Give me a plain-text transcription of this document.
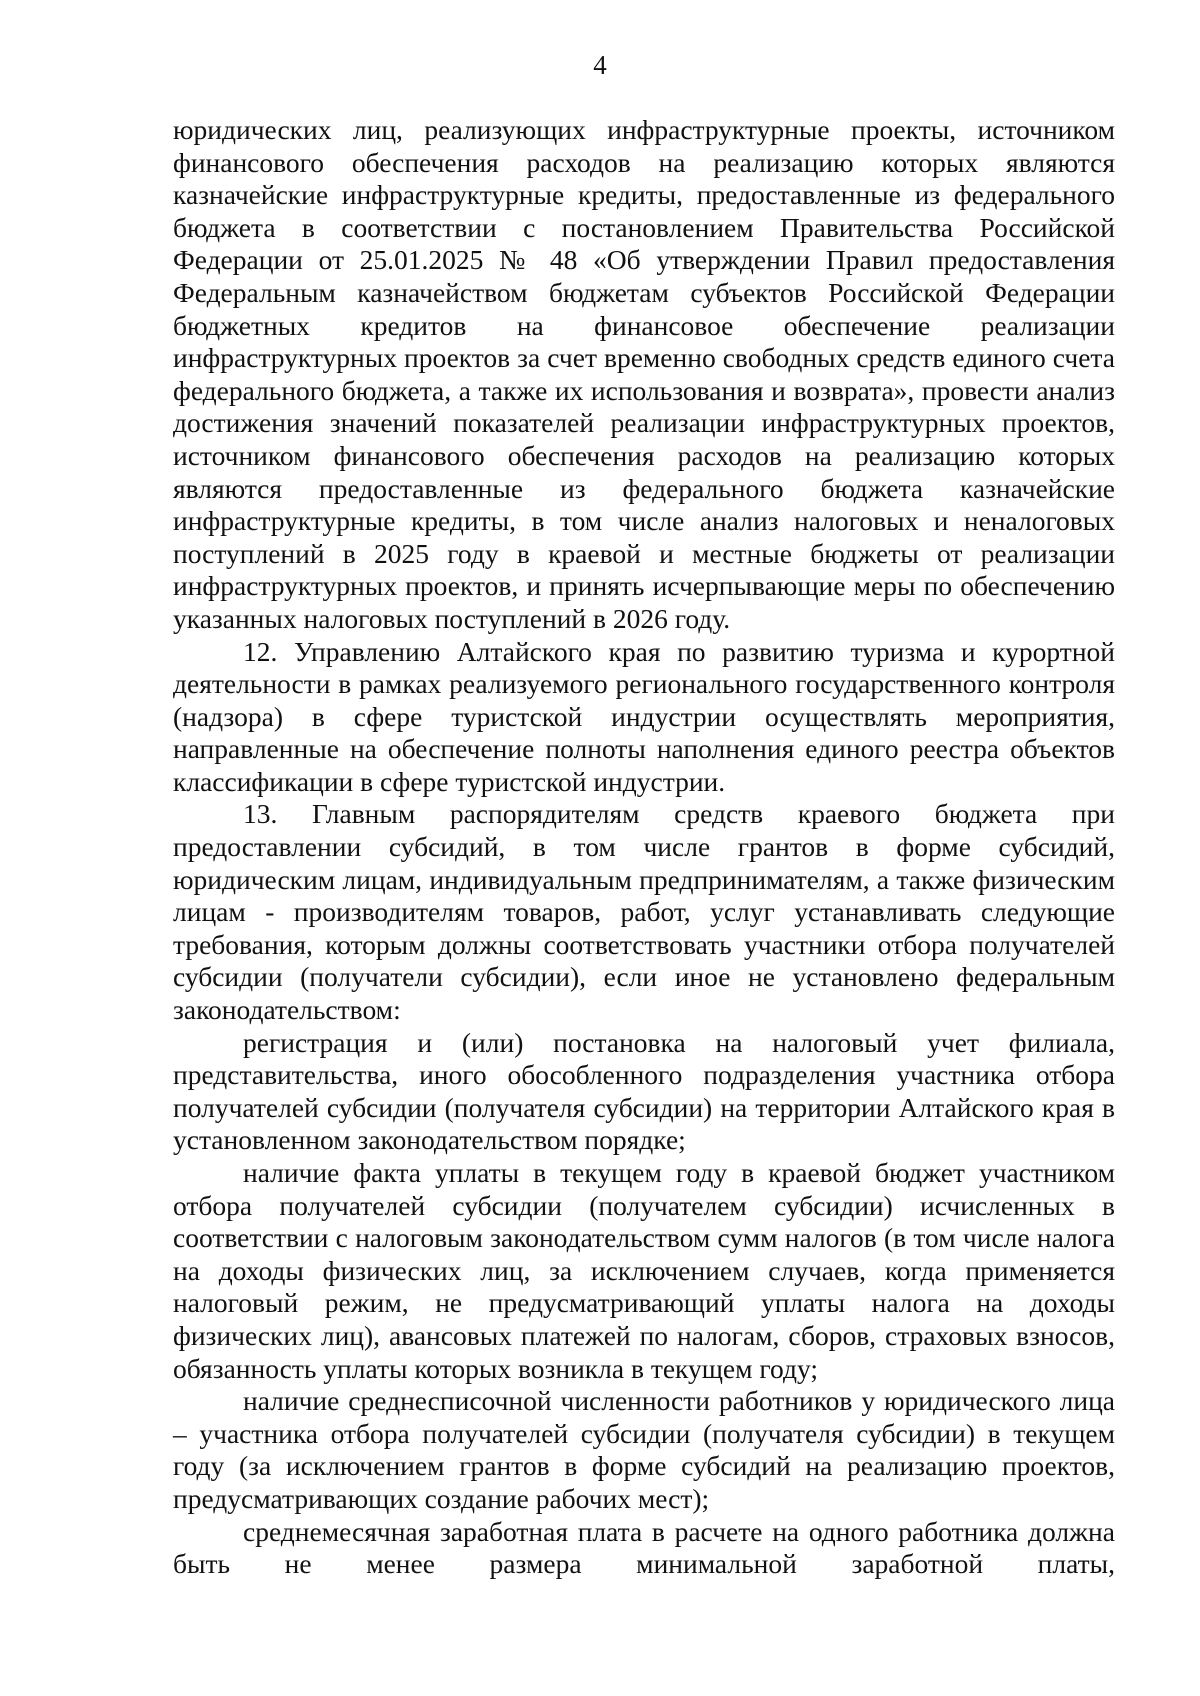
4

юридических лиц, реализующих инфраструктурные проекты, источником финансового обеспечения расходов на реализацию которых являются казначейские инфраструктурные кредиты, предоставленные из федерального бюджета в соответствии с постановлением Правительства Российской Федерации от 25.01.2025 № 48 «Об утверждении Правил предоставления Федеральным казначейством бюджетам субъектов Российской Федерации бюджетных кредитов на финансовое обеспечение реализации инфраструктурных проектов за счет временно свободных средств единого счета федерального бюджета, а также их использования и возврата», провести анализ достижения значений показателей реализации инфраструктурных проектов, источником финансового обеспечения расходов на реализацию которых являются предоставленные из федерального бюджета казначейские инфраструктурные кредиты, в том числе анализ налоговых и неналоговых поступлений в 2025 году в краевой и местные бюджеты от реализации инфраструктурных проектов, и принять исчерпывающие меры по обеспечению указанных налоговых поступлений в 2026 году.

12. Управлению Алтайского края по развитию туризма и курортной деятельности в рамках реализуемого регионального государственного контроля (надзора) в сфере туристской индустрии осуществлять мероприятия, направленные на обеспечение полноты наполнения единого реестра объектов классификации в сфере туристской индустрии.

13. Главным распорядителям средств краевого бюджета при предоставлении субсидий, в том числе грантов в форме субсидий, юридическим лицам, индивидуальным предпринимателям, а также физическим лицам - производителям товаров, работ, услуг устанавливать следующие требования, которым должны соответствовать участники отбора получателей субсидии (получатели субсидии), если иное не установлено федеральным законодательством:

регистрация и (или) постановка на налоговый учет филиала, представительства, иного обособленного подразделения участника отбора получателей субсидии (получателя субсидии) на территории Алтайского края в установленном законодательством порядке;

наличие факта уплаты в текущем году в краевой бюджет участником отбора получателей субсидии (получателем субсидии) исчисленных в соответствии с налоговым законодательством сумм налогов (в том числе налога на доходы физических лиц, за исключением случаев, когда применяется налоговый режим, не предусматривающий уплаты налога на доходы физических лиц), авансовых платежей по налогам, сборов, страховых взносов, обязанность уплаты которых возникла в текущем году;

наличие среднесписочной численности работников у юридического лица – участника отбора получателей субсидии (получателя субсидии) в текущем году (за исключением грантов в форме субсидий на реализацию проектов, предусматривающих создание рабочих мест);

среднемесячная заработная плата в расчете на одного работника должна быть не менее размера минимальной заработной платы,
